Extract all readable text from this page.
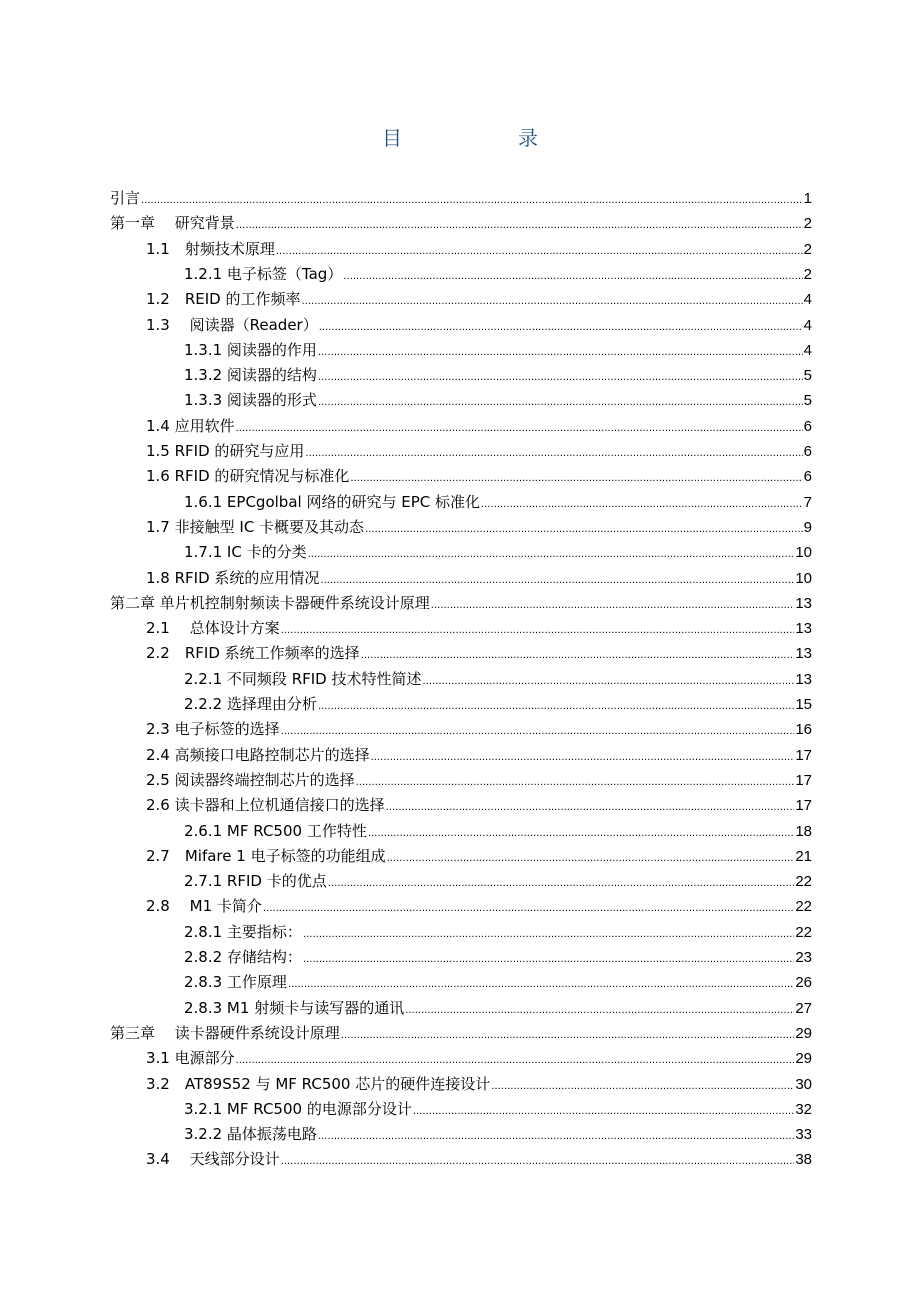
目　录
引言 .....	1
第一章　 研究背景 .....	2
1.1　射频技术原理 .....	2
1.2.1 电子标签（Tag） .....	2
1.2　REID 的工作频率 .....	4
1.3　 阅读器（Reader） .....	4
1.3.1 阅读器的作用 .....	4
1.3.2 阅读器的结构 .....	5
1.3.3 阅读器的形式 .....	5
1.4 应用软件 .....	6
1.5 RFID 的研究与应用 .....	6
1.6 RFID 的研究情况与标准化 .....	6
1.6.1 EPCgolbal 网络的研究与 EPC 标准化 .....	7
1.7 非接触型 IC 卡概要及其动态 .....	9
1.7.1 IC 卡的分类 .....	10
1.8 RFID 系统的应用情况 .....	10
第二章 单片机控制射频读卡器硬件系统设计原理 .....	13
2.1　 总体设计方案 .....	13
2.2　RFID 系统工作频率的选择 .....	13
2.2.1 不同频段 RFID 技术特性简述 .....	13
2.2.2 选择理由分析 .....	15
2.3 电子标签的选择 .....	16
2.4 高频接口电路控制芯片的选择 .....	17
2.5 阅读器终端控制芯片的选择 .....	17
2.6 读卡器和上位机通信接口的选择 .....	17
2.6.1 MF RC500 工作特性 .....	18
2.7　Mifare 1 电子标签的功能组成 .....	21
2.7.1 RFID 卡的优点 .....	22
2.8　 M1 卡简介 .....	22
2.8.1 主要指标： .....	22
2.8.2 存储结构： .....	23
2.8.3 工作原理 .....	26
2.8.3 M1 射频卡与读写器的通讯 .....	27
第三章　 读卡器硬件系统设计原理 .....	29
3.1 电源部分 .....	29
3.2　AT89S52 与 MF RC500 芯片的硬件连接设计 .....	30
3.2.1 MF RC500 的电源部分设计 .....	32
3.2.2 晶体振荡电路 .....	33
3.4　 天线部分设计 .....	38
